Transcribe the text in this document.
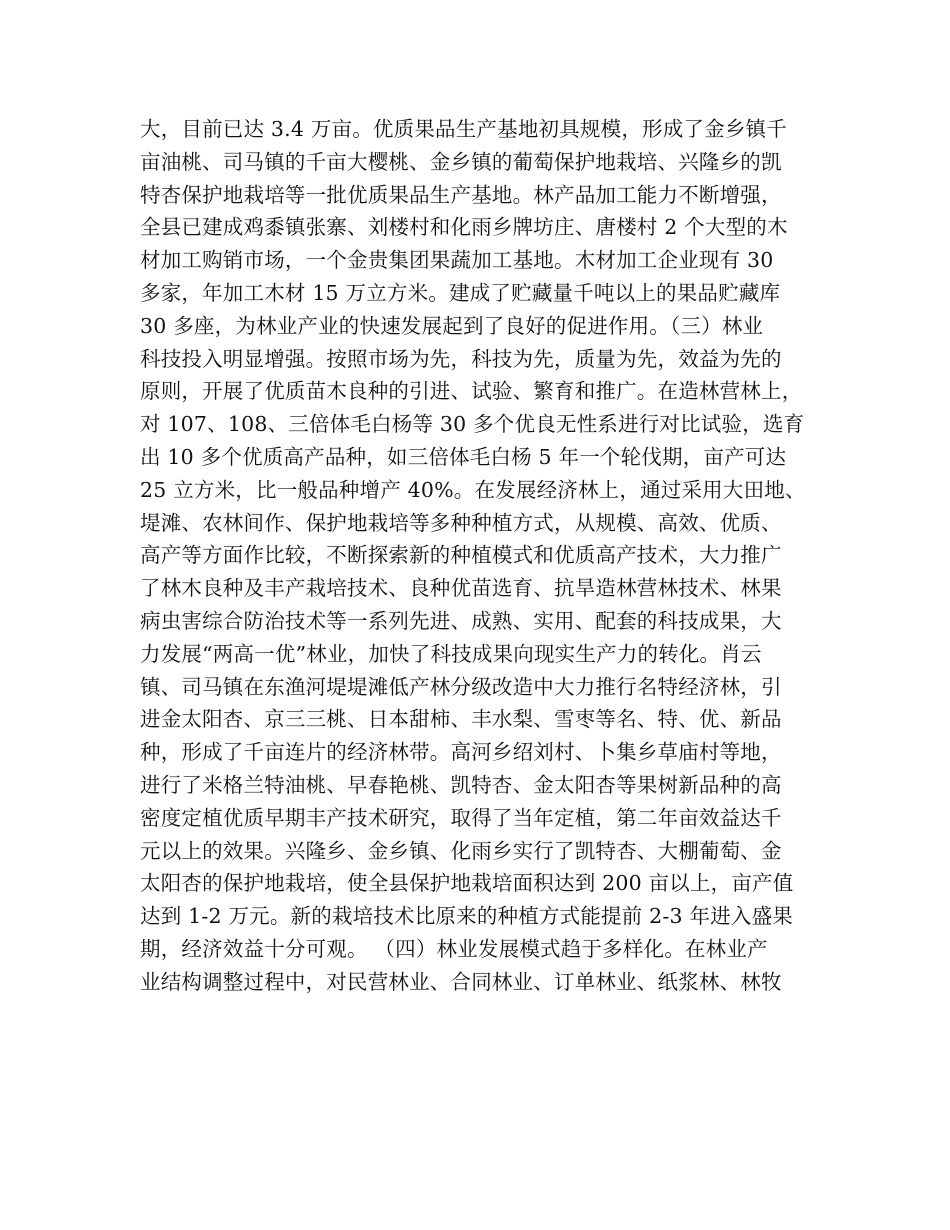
大，目前已达 3.4 万亩。优质果品生产基地初具规模，形成了金乡镇千
亩油桃、司马镇的千亩大樱桃、金乡镇的葡萄保护地栽培、兴隆乡的凯
特杏保护地栽培等一批优质果品生产基地。林产品加工能力不断增强，
全县已建成鸡黍镇张寨、刘楼村和化雨乡牌坊庄、唐楼村 2 个大型的木
材加工购销市场，一个金贵集团果蔬加工基地。木材加工企业现有 30
多家，年加工木材 15 万立方米。建成了贮藏量千吨以上的果品贮藏库
30 多座，为林业产业的快速发展起到了良好的促进作用。（三）林业
科技投入明显增强。按照市场为先，科技为先，质量为先，效益为先的
原则，开展了优质苗木良种的引进、试验、繁育和推广。在造林营林上，
对 107、108、三倍体毛白杨等 30 多个优良无性系进行对比试验，选育
出 10 多个优质高产品种，如三倍体毛白杨 5 年一个轮伐期，亩产可达
25 立方米，比一般品种增产 40%。在发展经济林上，通过采用大田地、
堤滩、农林间作、保护地栽培等多种种植方式，从规模、高效、优质、
高产等方面作比较，不断探索新的种植模式和优质高产技术，大力推广
了林木良种及丰产栽培技术、良种优苗选育、抗旱造林营林技术、林果
病虫害综合防治技术等一系列先进、成熟、实用、配套的科技成果，大
力发展“两高一优”林业，加快了科技成果向现实生产力的转化。肖云
镇、司马镇在东渔河堤堤滩低产林分级改造中大力推行名特经济林，引
进金太阳杏、京三三桃、日本甜柿、丰水梨、雪枣等名、特、优、新品
种，形成了千亩连片的经济林带。高河乡绍刘村、卜集乡草庙村等地，
进行了米格兰特油桃、早春艳桃、凯特杏、金太阳杏等果树新品种的高
密度定植优质早期丰产技术研究，取得了当年定植，第二年亩效益达千
元以上的效果。兴隆乡、金乡镇、化雨乡实行了凯特杏、大棚葡萄、金
太阳杏的保护地栽培，使全县保护地栽培面积达到 200 亩以上，亩产值
达到 1-2 万元。新的栽培技术比原来的种植方式能提前 2-3 年进入盛果
期，经济效益十分可观。 （四）林业发展模式趋于多样化。在林业产
业结构调整过程中，对民营林业、合同林业、订单林业、纸浆林、林牧
